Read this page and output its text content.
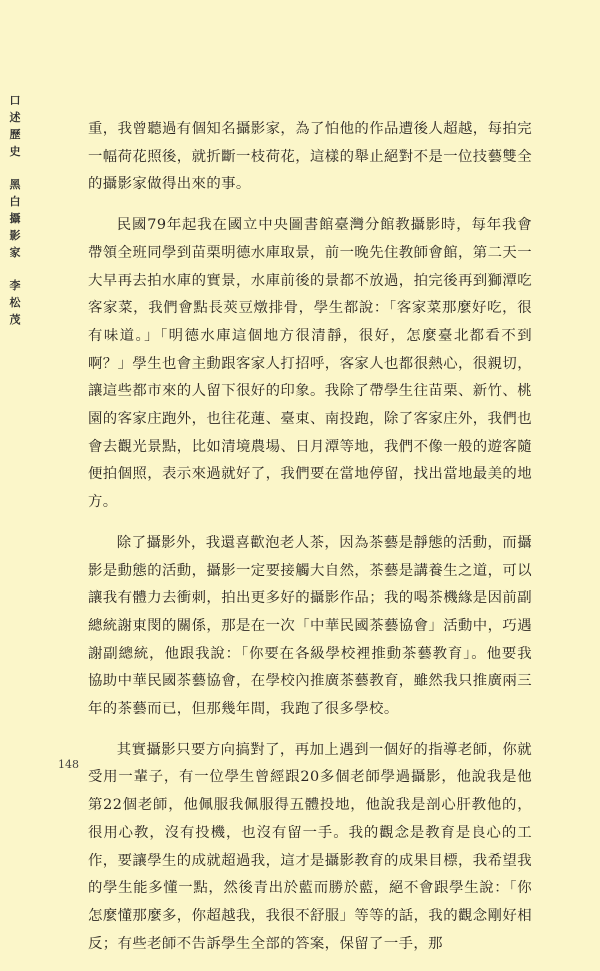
口述歷史
黑白攝影家
李松茂

重，我曾聽過有個知名攝影家，為了怕他的作品遭後人超越，每拍完一幅荷花照後，就折斷一枝荷花，這樣的舉止絕對不是一位技藝雙全的攝影家做得出來的事。

民國79年起我在國立中央圖書館臺灣分館教攝影時，每年我會帶領全班同學到苗栗明德水庫取景，前一晚先住教師會館，第二天一大早再去拍水庫的實景，水庫前後的景都不放過，拍完後再到獅潭吃客家菜，我們會點長莢豆燉排骨，學生都說：「客家菜那麼好吃，很有味道。」「明德水庫這個地方很清靜，很好，怎麼臺北都看不到啊？」學生也會主動跟客家人打招呼，客家人也都很熱心，很親切，讓這些都市來的人留下很好的印象。我除了帶學生往苗栗、新竹、桃園的客家庄跑外，也往花蓮、臺東、南投跑，除了客家庄外，我們也會去觀光景點，比如清境農場、日月潭等地，我們不像一般的遊客隨便拍個照，表示來過就好了，我們要在當地停留，找出當地最美的地方。

除了攝影外，我還喜歡泡老人茶，因為茶藝是靜態的活動，而攝影是動態的活動，攝影一定要接觸大自然，茶藝是講養生之道，可以讓我有體力去衝刺，拍出更多好的攝影作品；我的喝茶機緣是因前副總統謝東閔的關係，那是在一次「中華民國茶藝協會」活動中，巧遇謝副總統，他跟我說：「你要在各級學校裡推動茶藝教育」。他要我協助中華民國茶藝協會，在學校內推廣茶藝教育，雖然我只推廣兩三年的茶藝而已，但那幾年間，我跑了很多學校。

其實攝影只要方向搞對了，再加上遇到一個好的指導老師，你就受用一輩子，有一位學生曾經跟20多個老師學過攝影，他說我是他第22個老師，他佩服我佩服得五體投地，他說我是剖心肝教他的，很用心教，沒有投機，也沒有留一手。我的觀念是教育是良心的工作，要讓學生的成就超過我，這才是攝影教育的成果目標，我希望我的學生能多懂一點，然後青出於藍而勝於藍，絕不會跟學生說：「你怎麼懂那麼多，你超越我，我很不舒服」等等的話，我的觀念剛好相反；有些老師不告訴學生全部的答案，保留了一手，那

148
